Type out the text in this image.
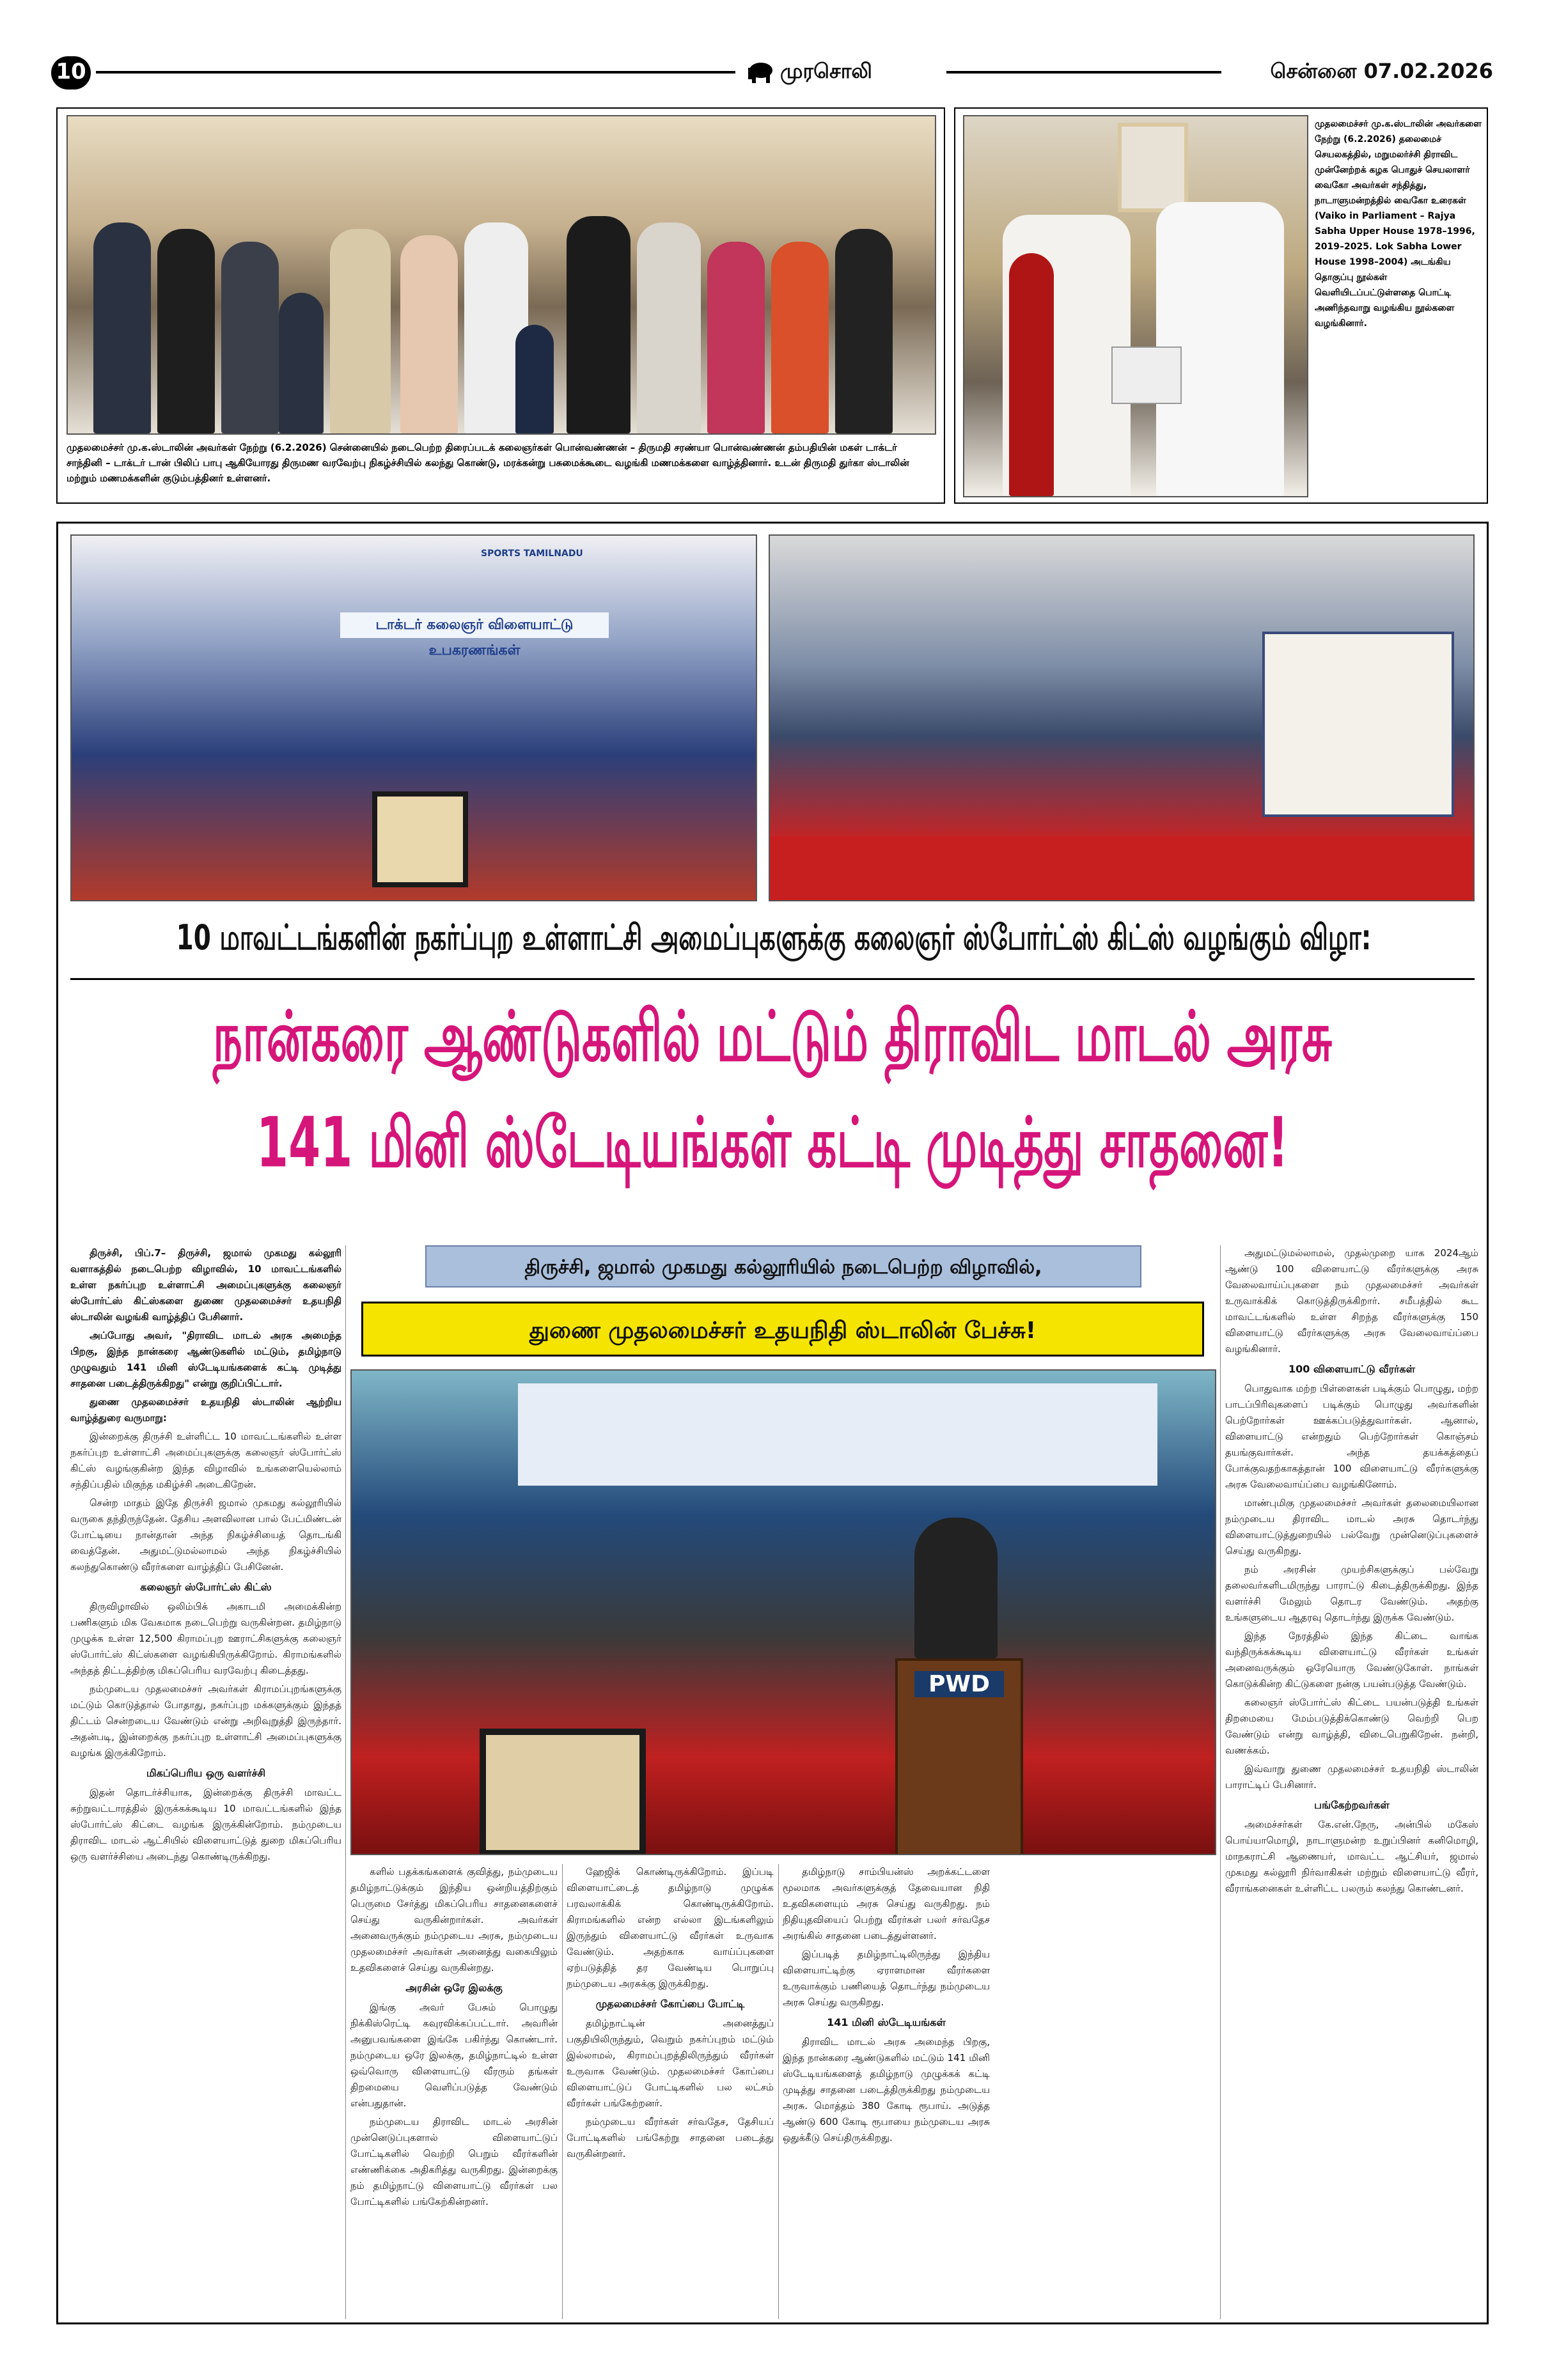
10	முரசொலி	சென்னை 07.02.2026
முதலமைச்சர் மு.க.ஸ்டாலின் அவர்கள் நேற்று (6.2.2026) சென்னையில் நடைபெற்ற திரைப்படக் கலைஞர்கள் பொன்வண்ணன் – திருமதி சரண்யா பொன்வண்ணன் தம்பதியின் மகள் டாக்டர் சாந்தினி – டாக்டர் டான் பிலிப் பாபு ஆகியோரது திருமண வரவேற்பு நிகழ்ச்சியில் கலந்து கொண்டு, மரக்கன்று பசுமைக்கூடை வழங்கி மணமக்களை வாழ்த்தினார். உடன் திருமதி துர்கா ஸ்டாலின் மற்றும் மணமக்களின் குடும்பத்தினர் உள்ளனர்.
முதலமைச்சர் மு.க.ஸ்டாலின் அவர்களை நேற்று (6.2.2026) தலைமைச் செயலகத்தில், மறுமலர்ச்சி திராவிட முன்னேற்றக் கழக பொதுச் செயலாளர் வைகோ அவர்கள் சந்தித்து, நாடாளுமன்றத்தில் வைகோ உரைகள் (Vaiko in Parliament – Rajya Sabha Upper House 1978–1996, 2019–2025. Lok Sabha Lower House 1998–2004) அடங்கிய தொகுப்பு நூல்கள் வெளியிடப்பட்டுள்ளதை பொட்டி அணிந்தவாறு வழங்கிய நூல்களை வழங்கினார்.
டாக்டர் கலைஞர் விளையாட்டு உபகரணங்கள்
SPORTS TAMILNADU
10 மாவட்டங்களின் நகர்ப்புற உள்ளாட்சி அமைப்புகளுக்கு கலைஞர் ஸ்போர்ட்ஸ் கிட்ஸ் வழங்கும் விழா:
நான்கரை ஆண்டுகளில் மட்டும் திராவிட மாடல் அரசு
141 மினி ஸ்டேடியங்கள் கட்டி முடித்து சாதனை!
திருச்சி, ஜமால் முகமது கல்லூரியில் நடைபெற்ற விழாவில்,
துணை முதலமைச்சர் உதயநிதி ஸ்டாலின் பேச்சு!
PWD

திருச்சி, பிப்.7– திருச்சி, ஜமால் முகமது கல்லூரி வளாகத்தில் நடைபெற்ற விழாவில், 10 மாவட்டங்களில் உள்ள நகர்ப்புற உள்ளாட்சி அமைப்புகளுக்கு கலைஞர் ஸ்போர்ட்ஸ் கிட்ஸ்களை துணை முதலமைச்சர் உதயநிதி ஸ்டாலின் வழங்கி வாழ்த்திப் பேசினார்.

அப்போது அவர், "திராவிட மாடல் அரசு அமைந்த பிறகு, இந்த நான்கரை ஆண்டுகளில் மட்டும், தமிழ்நாடு முழுவதும் 141 மினி ஸ்டேடியங்களைக் கட்டி முடித்து சாதனை படைத்திருக்கிறது" என்று குறிப்பிட்டார்.

துணை முதலமைச்சர் உதயநிதி ஸ்டாலின் ஆற்றிய வாழ்த்துரை வருமாறு:

இன்றைக்கு திருச்சி உள்ளிட்ட 10 மாவட்டங்களில் உள்ள நகர்ப்புற உள்ளாட்சி அமைப்புகளுக்கு கலைஞர் ஸ்போர்ட்ஸ் கிட்ஸ் வழங்குகின்ற இந்த விழாவில் உங்களையெல்லாம் சந்திப்பதில் மிகுந்த மகிழ்ச்சி அடைகிறேன்.

சென்ற மாதம் இதே திருச்சி ஜமால் முகமது கல்லூரியில் வருகை தந்திருந்தேன். தேசிய அளவிலான பால் பேட்மிண்டன் போட்டியை நான்தான் அந்த நிகழ்ச்சியைத் தொடங்கி வைத்தேன். அதுமட்டுமல்லாமல் அந்த நிகழ்ச்சியில் கலந்துகொண்டு வீரர்களை வாழ்த்திப் பேசினேன்.

கலைஞர் ஸ்போர்ட்ஸ் கிட்ஸ்

திருவிழாவில் ஒலிம்பிக் அகாடமி அமைக்கின்ற பணிகளும் மிக வேகமாக நடைபெற்று வருகின்றன. தமிழ்நாடு முழுக்க உள்ள 12,500 கிராமப்புற ஊராட்சிகளுக்கு கலைஞர் ஸ்போர்ட்ஸ் கிட்ஸ்களை வழங்கியிருக்கிறோம். கிராமங்களில் அந்தத் திட்டத்திற்கு மிகப்பெரிய வரவேற்பு கிடைத்தது.

நம்முடைய முதலமைச்சர் அவர்கள் கிராமப்புறங்களுக்கு மட்டும் கொடுத்தால் போதாது, நகர்ப்புற மக்களுக்கும் இந்தத் திட்டம் சென்றடைய வேண்டும் என்று அறிவுறுத்தி இருந்தார். அதன்படி, இன்றைக்கு நகர்ப்புற உள்ளாட்சி அமைப்புகளுக்கு வழங்க இருக்கிறோம்.

மிகப்பெரிய ஒரு வளர்ச்சி

இதன் தொடர்ச்சியாக, இன்றைக்கு திருச்சி மாவட்ட சுற்றுவட்டாரத்தில் இருக்கக்கூடிய 10 மாவட்டங்களில் இந்த ஸ்போர்ட்ஸ் கிட்டை வழங்க இருக்கின்றோம். நம்முடைய திராவிட மாடல் ஆட்சியில் விளையாட்டுத் துறை மிகப்பெரிய ஒரு வளர்ச்சியை அடைந்து கொண்டிருக்கிறது.

களில் பதக்கங்களைக் குவித்து, நம்முடைய தமிழ்நாட்டுக்கும் இந்திய ஒன்றியத்திற்கும் பெருமை சேர்த்து மிகப்பெரிய சாதனைகளைச் செய்து வருகின்றார்கள். அவர்கள் அனைவருக்கும் நம்முடைய அரசு, நம்முடைய முதலமைச்சர் அவர்கள் அனைத்து வகையிலும் உதவிகளைச் செய்து வருகின்றது.

அரசின் ஒரே இலக்கு

இங்கு அவர் பேசும் பொழுது நிக்கிஸ்ரெட்டி கவுரவிக்கப்பட்டார். அவரின் அனுபவங்களை இங்கே பகிர்ந்து கொண்டார். நம்முடைய ஒரே இலக்கு, தமிழ்நாட்டில் உள்ள ஒவ்வொரு விளையாட்டு வீரரும் தங்கள் திறமையை வெளிப்படுத்த வேண்டும் என்பதுதான்.

நம்முடைய திராவிட மாடல் அரசின் முன்னெடுப்புகளால் விளையாட்டுப் போட்டிகளில் வெற்றி பெறும் வீரர்களின் எண்ணிக்கை அதிகரித்து வருகிறது. இன்றைக்கு நம் தமிழ்நாட்டு விளையாட்டு வீரர்கள் பல போட்டிகளில் பங்கேற்கின்றனர்.

ஹேஜிக் கொண்டிருக்கிறோம். இப்படி விளையாட்டைத் தமிழ்நாடு முழுக்க பரவலாக்கிக் கொண்டிருக்கிறோம். கிராமங்களில் என்ற எல்லா இடங்களிலும் இருந்தும் விளையாட்டு வீரர்கள் உருவாக வேண்டும். அதற்காக வாய்ப்புகளை ஏற்படுத்தித் தர வேண்டிய பொறுப்பு நம்முடைய அரசுக்கு இருக்கிறது.

முதலமைச்சர் கோப்பை போட்டி

தமிழ்நாட்டின் அனைத்துப் பகுதியிலிருந்தும், வெறும் நகர்ப்புறம் மட்டும் இல்லாமல், கிராமப்புறத்திலிருந்தும் வீரர்கள் உருவாக வேண்டும். முதலமைச்சர் கோப்பை விளையாட்டுப் போட்டிகளில் பல லட்சம் வீரர்கள் பங்கேற்றனர்.

நம்முடைய வீரர்கள் சர்வதேச, தேசியப் போட்டிகளில் பங்கேற்று சாதனை படைத்து வருகின்றனர்.

தமிழ்நாடு சாம்பியன்ஸ் அறக்கட்டளை மூலமாக அவர்களுக்குத் தேவையான நிதி உதவிகளையும் அரசு செய்து வருகிறது. நம் நிதியுதவியைப் பெற்று வீரர்கள் பலர் சர்வதேச அரங்கில் சாதனை படைத்துள்ளனர்.

இப்படித் தமிழ்நாட்டிலிருந்து இந்திய விளையாட்டிற்கு ஏராளமான வீரர்களை உருவாக்கும் பணியைத் தொடர்ந்து நம்முடைய அரசு செய்து வருகிறது.

141 மினி ஸ்டேடியங்கள்

திராவிட மாடல் அரசு அமைந்த பிறகு, இந்த நான்கரை ஆண்டுகளில் மட்டும் 141 மினி ஸ்டேடியங்களைத் தமிழ்நாடு முழுக்கக் கட்டி முடித்து சாதனை படைத்திருக்கிறது நம்முடைய அரசு. மொத்தம் 380 கோடி ரூபாய். அடுத்த ஆண்டு 600 கோடி ரூபாயை நம்முடைய அரசு ஒதுக்கீடு செய்திருக்கிறது.

அதுமட்டுமல்லாமல், முதல்முறை யாக 2024ஆம் ஆண்டு 100 விளையாட்டு வீரர்களுக்கு அரசு வேலைவாய்ப்புகளை நம் முதலமைச்சர் அவர்கள் உருவாக்கிக் கொடுத்திருக்கிறார். சமீபத்தில் கூட மாவட்டங்களில் உள்ள சிறந்த வீரர்களுக்கு 150 விளையாட்டு வீரர்களுக்கு அரசு வேலைவாய்ப்பை வழங்கினார்.

100 விளையாட்டு வீரர்கள்

பொதுவாக மற்ற பிள்ளைகள் படிக்கும் பொழுது, மற்ற பாடப்பிரிவுகளைப் படிக்கும் பொழுது அவர்களின் பெற்றோர்கள் ஊக்கப்படுத்துவார்கள். ஆனால், விளையாட்டு என்றதும் பெற்றோர்கள் கொஞ்சம் தயங்குவார்கள். அந்த தயக்கத்தைப் போக்குவதற்காகத்தான் 100 விளையாட்டு வீரர்களுக்கு அரசு வேலைவாய்ப்பை வழங்கினோம்.

மாண்புமிகு முதலமைச்சர் அவர்கள் தலைமையிலான நம்முடைய திராவிட மாடல் அரசு தொடர்ந்து விளையாட்டுத்துறையில் பல்வேறு முன்னெடுப்புகளைச் செய்து வருகிறது.

நம் அரசின் முயற்சிகளுக்குப் பல்வேறு தலைவர்களிடமிருந்து பாராட்டு கிடைத்திருக்கிறது. இந்த வளர்ச்சி மேலும் தொடர வேண்டும். அதற்கு உங்களுடைய ஆதரவு தொடர்ந்து இருக்க வேண்டும்.

இந்த நேரத்தில் இந்த கிட்டை வாங்க வந்திருக்கக்கூடிய விளையாட்டு வீரர்கள் உங்கள் அனைவருக்கும் ஒரேயொரு வேண்டுகோள். நாங்கள் கொடுக்கின்ற கிட்டுகளை நன்கு பயன்படுத்த வேண்டும்.

கலைஞர் ஸ்போர்ட்ஸ் கிட்டை பயன்படுத்தி உங்கள் திறமையை மேம்படுத்திக்கொண்டு வெற்றி பெற வேண்டும் என்று வாழ்த்தி, விடைபெறுகிறேன். நன்றி, வணக்கம்.

இவ்வாறு துணை முதலமைச்சர் உதயநிதி ஸ்டாலின் பாராட்டிப் பேசினார்.

பங்கேற்றவர்கள்

அமைச்சர்கள் கே.என்.நேரு, அன்பில் மகேஸ் பொய்யாமொழி, நாடாளுமன்ற உறுப்பினர் கனிமொழி, மாநகராட்சி ஆணையர், மாவட்ட ஆட்சியர், ஜமால் முகமது கல்லூரி நிர்வாகிகள் மற்றும் விளையாட்டு வீரர், வீராங்கனைகள் உள்ளிட்ட பலரும் கலந்து கொண்டனர்.
